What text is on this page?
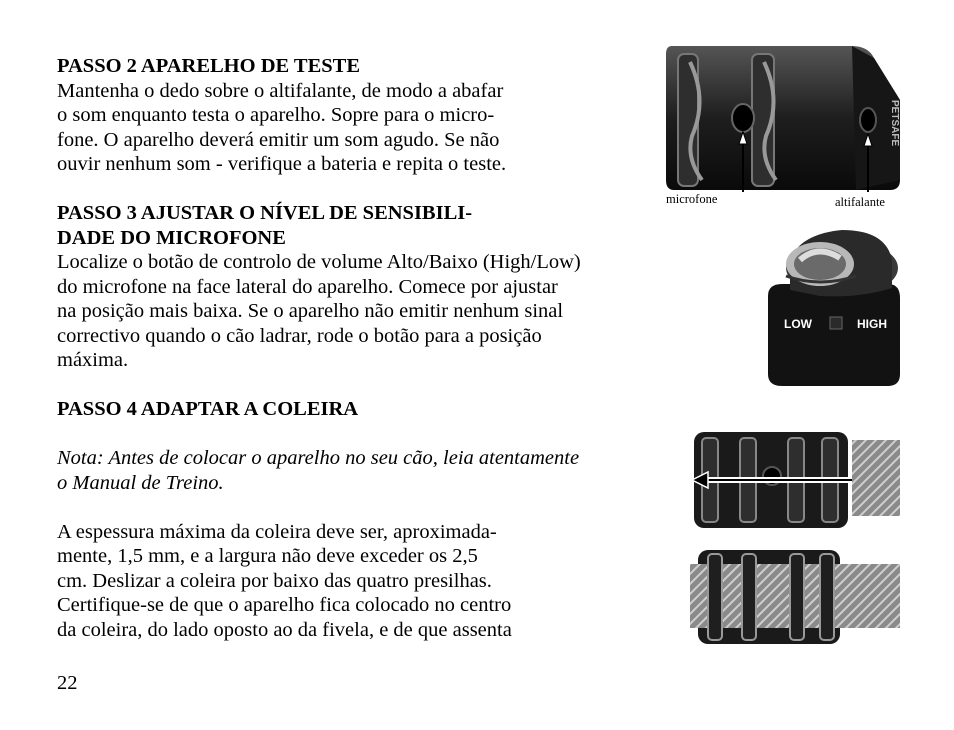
PASSO 2 APARELHO DE TESTE
Mantenha o dedo sobre o altifalante, de modo a abafar
o som enquanto testa o aparelho. Sopre para o micro-
fone. O aparelho deverá emitir um som agudo. Se não
ouvir nenhum som - verifique a bateria e repita o teste.
PASSO 3 AJUSTAR O NÍVEL DE SENSIBILI-
DADE DO MICROFONE
Localize o botão de controlo de volume Alto/Baixo (High/Low)
do microfone na face lateral do aparelho. Comece por ajustar
na posição mais baixa. Se o aparelho não emitir nenhum sinal
correctivo quando o cão ladrar, rode o botão para a posição
máxima.
PASSO 4 ADAPTAR A COLEIRA
Nota: Antes de colocar o aparelho no seu cão, leia atentamente
o Manual de Treino.
A espessura máxima da coleira deve ser, aproximada-
mente, 1,5 mm, e a largura não deve exceder os 2,5
cm. Deslizar a coleira por baixo das quatro presilhas.
Certifique-se de que o aparelho fica colocado no centro
da coleira, do lado oposto ao da fivela, e de que assenta
22
PETSAFE
microfone	altifalante
LOW	HIGH
